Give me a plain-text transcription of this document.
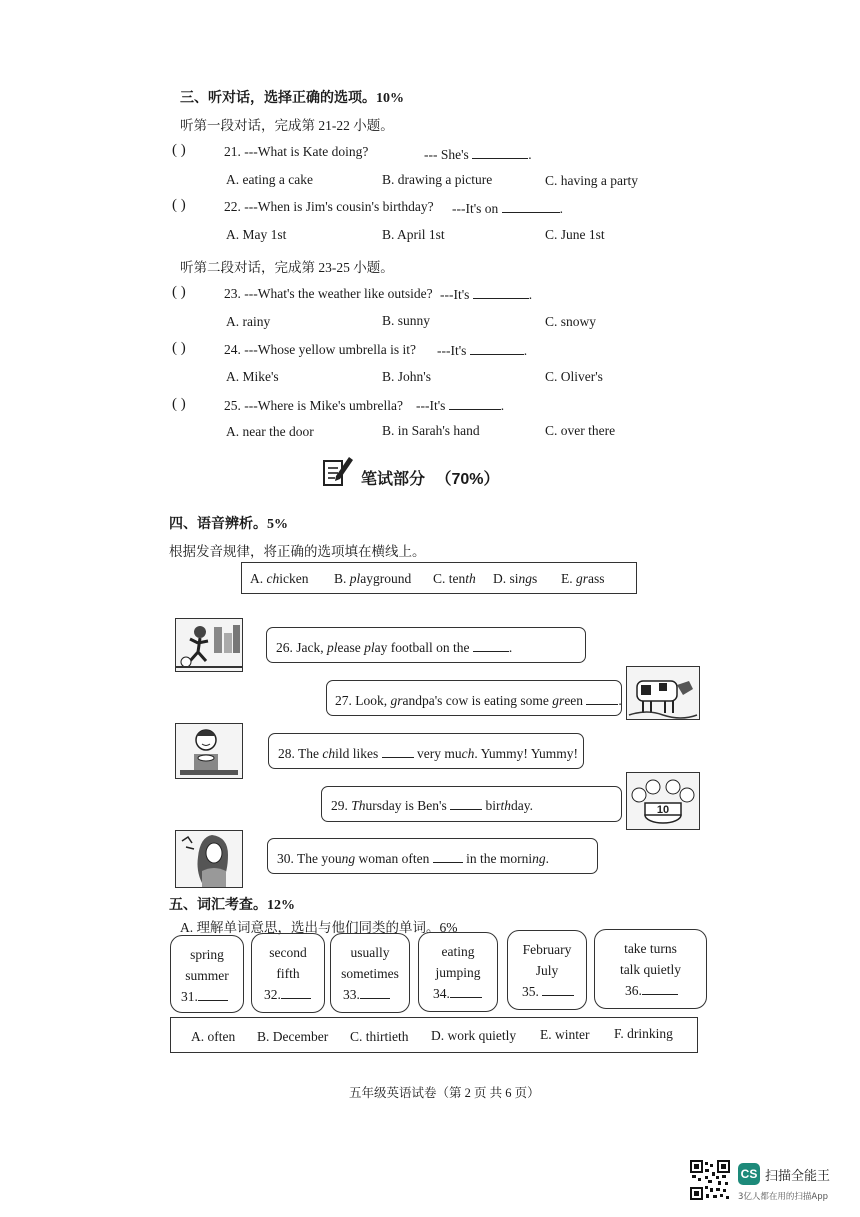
三、听对话，选择正确的选项。10%
听第一段对话，完成第 21-22 小题。
( )	21. ---What is Kate doing?	--- She's	.
A. eating a cake	B. drawing a picture	C. having a party
( )	22. ---When is Jim's cousin's birthday? ---It's on	.
A. May 1st	B. April 1st	C. June 1st
听第二段对话，完成第 23-25 小题。
( )	23. ---What's the weather like outside? ---It's	.
A. rainy	B. sunny	C. snowy
( )	24. ---Whose yellow umbrella is it? ---It's	.
A. Mike's	B. John's	C. Oliver's
( )	25. ---Where is Mike's umbrella? ---It's	.
A. near the door	B. in Sarah's hand	C. over there
笔试部分 （70%）
四、语音辨析。5%
根据发音规律，将正确的选项填在横线上。
A. chicken B. playground C. tenth D. sings E. grass
10
26. Jack, please play football on the	.
27. Look, grandpa's cow is eating some green	.
28. The child likes	very much. Yummy! Yummy!
29. Thursday is Ben's	birthday.
30. The young woman often	in the morning.
五、词汇考查。12%
A. 理解单词意思，选出与他们同类的单词。6%
spring
summer
31.
second
fifth
32.
usually
sometimes
33.
eating
jumping
34.
February
July
35.
take turns
talk quietly
36.
A. often B. December C. thirtieth D. work quietly E. winter F. drinking
五年级英语试卷（第 2 页 共 6 页）
CS 扫描全能王
3亿人都在用的扫描App
